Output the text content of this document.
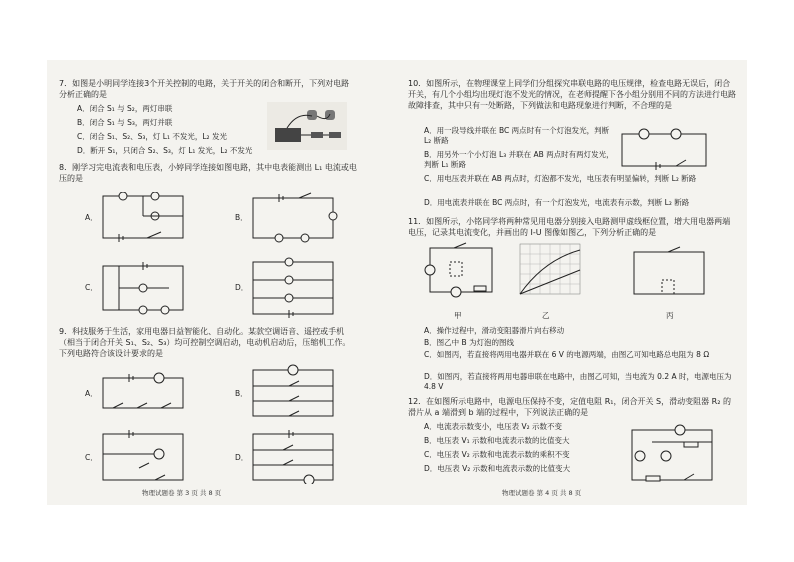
7．如图是小明同学连接3个开关控制的电路，关于开关的闭合和断开，下列对电路分析正确的是
A．闭合 S₁ 与 S₂，两灯串联
B．闭合 S₁ 与 S₃，两灯并联
C．闭合 S₁、S₂、S₃，灯 L₁ 不发光，L₂ 发光
D．断开 S₁，只闭合 S₂、S₃，灯 L₁ 发光，L₂ 不发光
8．刚学习完电流表和电压表，小婷同学连接如图电路，其中电表能测出 L₁ 电流或电压的是
A．	B．
C．	D．
9．科技服务于生活，家用电器日益智能化、自动化。某款空调语音、遥控或手机（相当于闭合开关 S₁、S₂、S₃）均可控制空调启动，电动机启动后，压缩机工作。下列电路符合该设计要求的是
A．	B．
C．	D．
物理试题卷 第 3 页 共 8 页
10．如图所示，在物理课堂上同学们分组探究串联电路的电压规律，检查电路无误后，闭合开关，有几个小组均出现灯泡不发光的情况，在老师提醒下各小组分别用不同的方法进行电路故障排查，其中只有一处断路，下列做法和电路现象进行判断，不合理的是
A．用一段导线并联在 BC 两点时有一个灯泡发光，判断 L₂ 断路
B．用另外一个小灯泡 L₃ 并联在 AB 两点时有两灯发光，判断 L₁ 断路
C．用电压表并联在 AB 两点时，灯泡都不发光，电压表有明显偏转，判断 L₂ 断路
D．用电流表并联在 BC 两点时，有一个灯泡发光，电流表有示数，判断 L₂ 断路
11．如图所示，小铭同学将两种常见用电器分别接入电路测甲虚线框位置，增大用电器两端电压，记录其电流变化，并画出的 I-U 图像如图乙，下列分析正确的是
甲	乙	丙
A．操作过程中，滑动变阻器滑片向右移动
B．图乙中 B 为灯泡的图线
C．如图丙，若直接将两用电器并联在 6 V 的电源两端，由图乙可知电路总电阻为 8 Ω
D．如图丙，若直接将两用电器串联在电路中，由图乙可知，当电流为 0.2 A 时，电源电压为 4.8 V
12．在如图所示电路中，电源电压保持不变，定值电阻 R₁，闭合开关 S，滑动变阻器 R₂ 的滑片从 a 端滑到 b 端的过程中，下列说法正确的是
A．电流表示数变小，电压表 V₂ 示数不变
B．电压表 V₁ 示数和电流表示数的比值变大
C．电压表 V₂ 示数和电流表示数的乘积不变
D．电压表 V₂ 示数和电流表示数的比值变大
物理试题卷 第 4 页 共 8 页
